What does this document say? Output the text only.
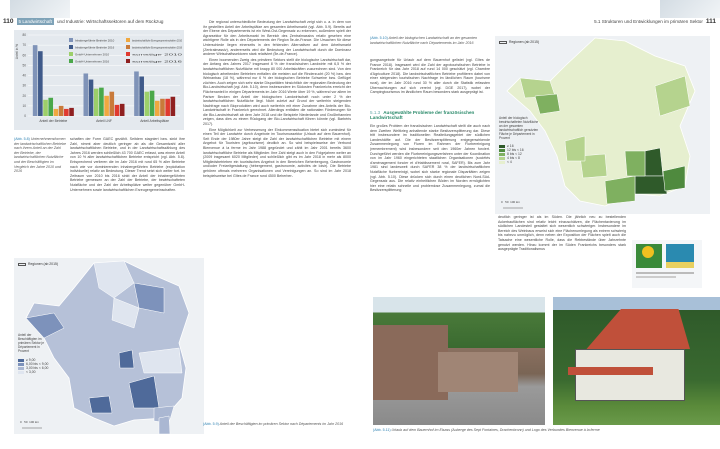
110	5 Landwirtschaft	und Industrie: Wirtschaftssektoren auf dem Rückzug
0
10
20
30
40
50
60
70
80
Anteil in %
Anteil der Betriebe	Anteil LNF	Anteil Arbeitsplätze
Inhabergeführte Betriebe 2010
Inhabergeführte Betriebe 2016
GmbH-Unternehmen 2010
GmbH-Unternehmen 2016
landwirtschaftliche Erzeugergemeinschaften 2010
landwirtschaftliche Erzeugergemeinschaften 2016
sonstige 2010
sonstige 2016
(Abb. 5.8) Unternehmensformen der landwirtschaftlichen Betriebe nach ihrem Anteil an der Zahl der Betriebe, der landwirtschaftlichen Nutzfläche und der Beschäftigten im Vergleich der Jahre 2010 und 2016

schaften der Form GAEC gezählt. Seitdem stagniert bzw. sinkt ihre Zahl, nimmt aber deutlich geringer ab als die Gesamtzahl aller landwirtschaftlichen Betriebe, und in der Landwirtschaftszählung des Jahres 2016 werden schließlich 43 700 GAEC erfasst, was einem Anteil von 10 % aller landwirtschaftlichen Betriebe entspricht (vgl. Abb. 5.8). Entsprechend verlieren die im Jahr 2016 mit rund 65 % aller Betriebe nach wie vor dominierenden inhabergeführten Betriebe (exploitation individuelle) relativ an Bedeutung. Dieser Trend setzt sich weiter fort. Im Zeitraum von 2010 bis 2016 sinkt der Anteil der inhabergeführten Betriebe gemessen an der Zahl der Betriebe, der bewirtschafteten Nutzfläche und der Zahl der Arbeitsplätze weiter gegenüber GmbH-Unternehmen sowie landwirtschaftlichen Erzeugergemeinschaften.

Regionen (ab 2015)
Anteil der Beschäftigten im primären Sektor je Département in Prozent
≥ 9,00
6,00 bis < 9,00
3,00 bis < 6,00
< 3,00
0   50  100 km

Die regional unterschiedliche Bedeutung der Landwirtschaft zeigt sich u. a. in dem von ihr gestellten Anteil der Arbeitsplätze am gesamten Arbeitsmarkt (vgl. Abb. 5.9). Bereits auf der Ebene des Départements ist ein West-Ost-Gegensatz zu erkennen, außerdem spielt der Agrarsektor für den Arbeitsmarkt im Bereich des Zentralmassivs relativ gesehen eine wichtigere Rolle als in den Départements der Region Île-de-France. Die Ursachen für diese Unterschiede liegen einerseits in den fehlenden Alternativen auf dem Arbeitsmarkt (Zentralmassiv), andererseits wird die Bedeutung der Landwirtschaft durch die Dominanz anderer Wirtschaftssektoren stark relativiert (Île-de-France).

Einen boomenden Zweig des primären Sektors stellt die biologische Landwirtschaft dar, der Anfang des Jahres 2017 insgesamt 8 % der französischen Landwirte mit 6,5 % der landwirtschaftlichen Nutzfläche mit knapp 80 000 Arbeitskräften zuzurechnen sind. Von den biologisch arbeitenden Betrieben entfallen die meisten auf die Rinderzucht (20 %) bzw. den Weinanbau (18 %), während nur 6 % der biologischen Betriebe Schweine bzw. Geflügel züchten. Auch zeigen sich sehr starke Disparitäten hinsichtlich der regionalen Bedeutung der Bio-Landwirtschaft (vgl. Abb. 5.10), denn insbesondere im Südosten Frankreichs erreicht der Flächenanteil in einigen Départements im Jahr 2016 Werte über 19 %, während vor allem im Pariser Becken der Anteil der biologischen Landwirtschaft noch unter 2 % der landwirtschaftlichen Nutzfläche liegt. Nicht zuletzt auf Grund der weiterhin steigenden Nachfrage nach Bioprodukten wird auch weiterhin mit einer Zunahme des Anteils der Bio-Landwirtschaft in Frankreich gerechnet. Allerdings entfallen die nationalen Förderungen für die Bio-Landwirtschaft ab dem Jahr 2018 und die Beispiele Niederlande und Großbritannien zeigen, dass dies zu einem Rückgang der Bio-Landwirtschaft führen könnte (vgl. Barbéris 2017).

Eine Möglichkeit zur Verbesserung der Einkommenssituation bietet sich zumindest für einen Teil der Landwirte durch Angebote im Tourismussektor (Urlaub auf dem Bauernhof). Seit Ende der 1980er Jahre steigt die Zahl der landwirtschaftlichen Betriebe mit einem Angebot für Touristen (agritourisme) deutlich an. So wird beispielsweise der Verbund Bienvenue à la ferme im Jahr 1988 gegründet und zählt im Jahr 2001 bereits 3600 landwirtschaftliche Betriebe als Mitglieder. Ihre Zahl steigt auch in den Folgejahren weiter an (2009 insgesamt 6020 Mitglieder) und schließlich gibt es im Jahr 2018 in mehr als 8000 Mitgliedsbetrieben ein touristisches Angebot in den Bereichen Beherbergung, Gastronomie und/oder Freizeitgestaltung (hébergement, gastronomie, activités de loisir). Die Betriebe gehören oftmals mehreren Organisationen und Vereinigungen an. So sind im Jahr 2018 beispielsweise bei Gîtes de France rund 4500 Beherber-

(Abb. 5.9) Anteil der Beschäftigten im primären Sektor nach Départements im Jahr 2016
5.1 Strukturen und Entwicklungen im primären Sektor 111
(Abb. 5.10) Anteil der biologischen Landwirtschaft an der gesamten landwirtschaftlichen Nutzfläche nach Départements im Jahr 2016

gungsangebote für Urlaub auf dem Bauernhof gelistet (vgl. Gîtes de France 2018). Insgesamt wird die Zahl der agrotouristischen Betriebe in Frankreich für das Jahr 2018 auf rund 14 000 geschätzt (vgl. Chambre d'Agriculture 2018). Die landwirtschaftlichen Betriebe profitieren dabei von einer steigenden touristischen Nachfrage im ländlichen Raum (tourisme rural), der im Jahr 2016 rund 30 % aller durch die Statistik erfassten Übernachtungen auf sich vereint (vgl. DGE 2017), wobei der Campingtourismus im ländlichen Raum besonders stark ausgeprägt ist.

5.1.3 Ausgewählte Probleme der französischen Landwirtschaft

Ein großes Problem der französischen Landwirtschaft stellt die auch nach dem Zweiten Weltkrieg anhaltende starke Besitzzersplitterung dar. Diese tritt insbesondere im traditionellen Realteilungsgebiet der südlichen Landeshälfte auf. Die der Besitzzersplitterung entgegenwirkende Zusammenlegung von Fluren im Rahmen der Flurbereinigung (remembrement) wird insbesondere seit den 1960er Jahren forciert. Durchgeführt werden die Flurbereinigungsverfahren unter der Koordination von im Jahr 1960 eingerichteten staatlichen Organisationen (sociétés d'aménagement foncier et d'établissement rural, SAFER). Bis zum Jahr 1981 sind landesweit durch SAFER 38 % der landwirtschaftlichen Nutzfläche flurbereinigt, wobei sich starke regionale Disparitäten zeigen (vgl. Abb. 5.10). Diese drücken sich durch einen deutlichen Nord-Süd-Gegensatz aus. Die relativ einheitlichen Böden im Norden ermöglichten hier eine relativ schnelle und problemlose Zusammenlegung, zumal die Besitzzersplitterung

Regionen (ab 2015)
Anteil der biologisch bewirtschafteten Nutzfläche an der gesamten landwirtschaftlich genutzten Fläche je Département in Prozent
≥ 16
12 bis < 16
8 bis < 12
4 bis < 8
< 4
0   50  100 km

deutlich geringer ist als im Süden. Die jährlich neu zu bestellenden Ackerbauflächen sind relativ leicht einzuschätzen, die Flächentaxierung im südlichen Landesteil gestaltet sich wesentlich schwieriger. Insbesondere im Bereich des Weinbaus erweist sich eine Flächenumlegung als extrem schwierig bis nahezu unmöglich, denn neben der Exposition der Flächen spielt auch die Tatsache eine wesentliche Rolle, dass die Rebbestände über Jahrzehnte genutzt werden. Hinzu kommt der im Süden Frankreichs besonders stark ausgeprägte Traditionalismus

(Abb. 5.11) Urlaub auf dem Bauernhof im Elsass (Auberge des Sept Fontaines, Drachenbronn) und Logo des Verbundes Bienvenue à la ferme
